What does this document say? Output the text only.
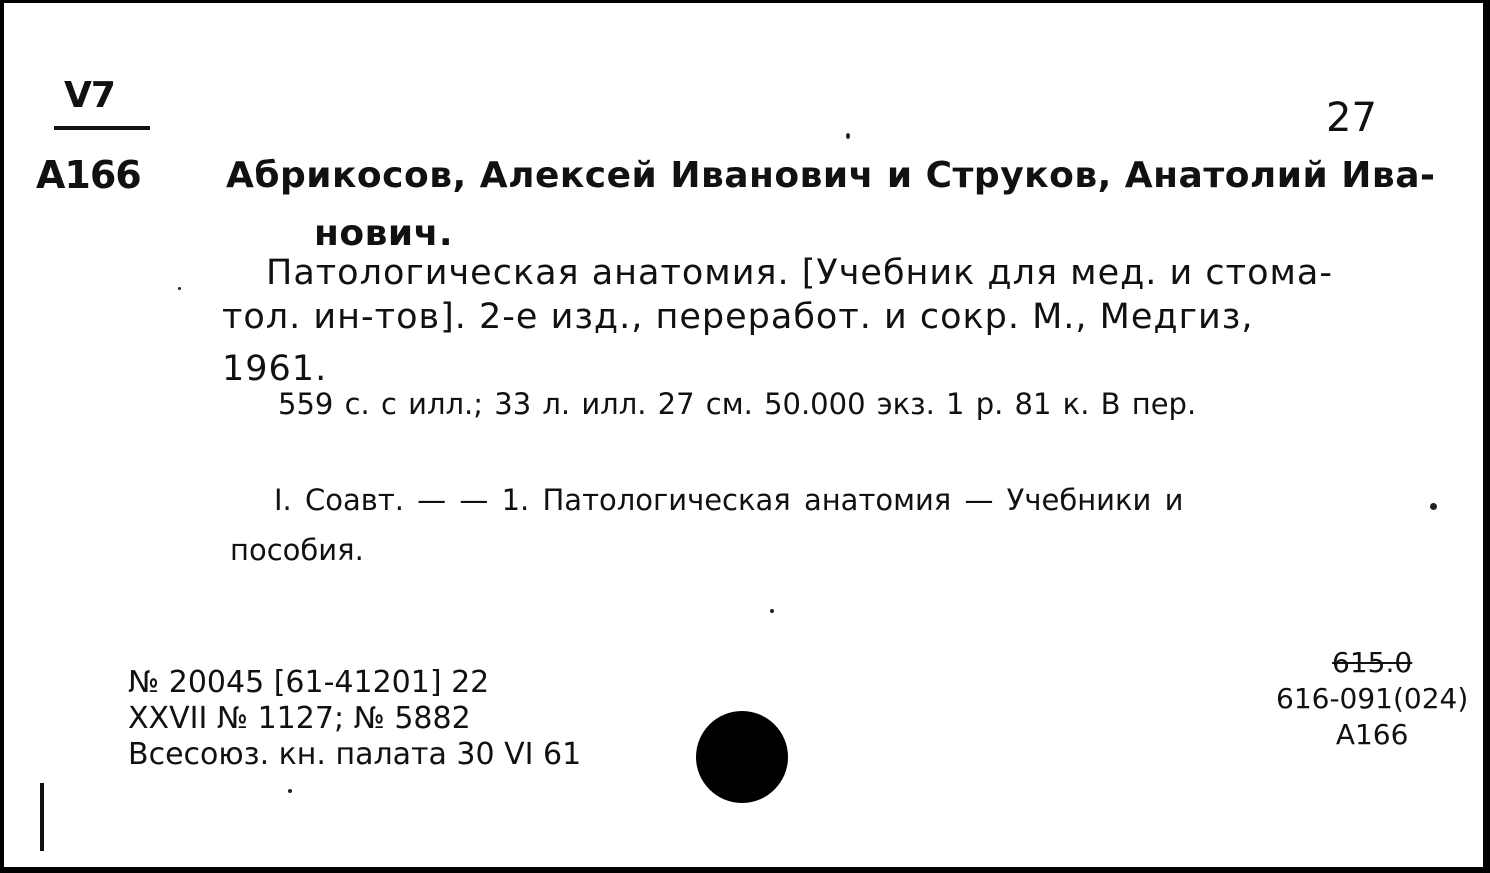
V7
A166
27
Абрикосов, Алексей Иванович и Струков, Анатолий Ива-
нович.
Патологическая анатомия. [Учебник для мед. и стома-
тол. ин-тов]. 2-е изд., переработ. и сокр. М., Медгиз,
1961.
559 с. с илл.; 33 л. илл. 27 см. 50.000 экз. 1 р. 81 к. В пер.
I. Соавт. — — 1. Патологическая анатомия — Учебники и
пособия.
№ 20045 [61-41201] 22
XXVII № 1127; № 5882
Всесоюз. кн. палата 30 VI 61
615.0
616-091(024)
А166
